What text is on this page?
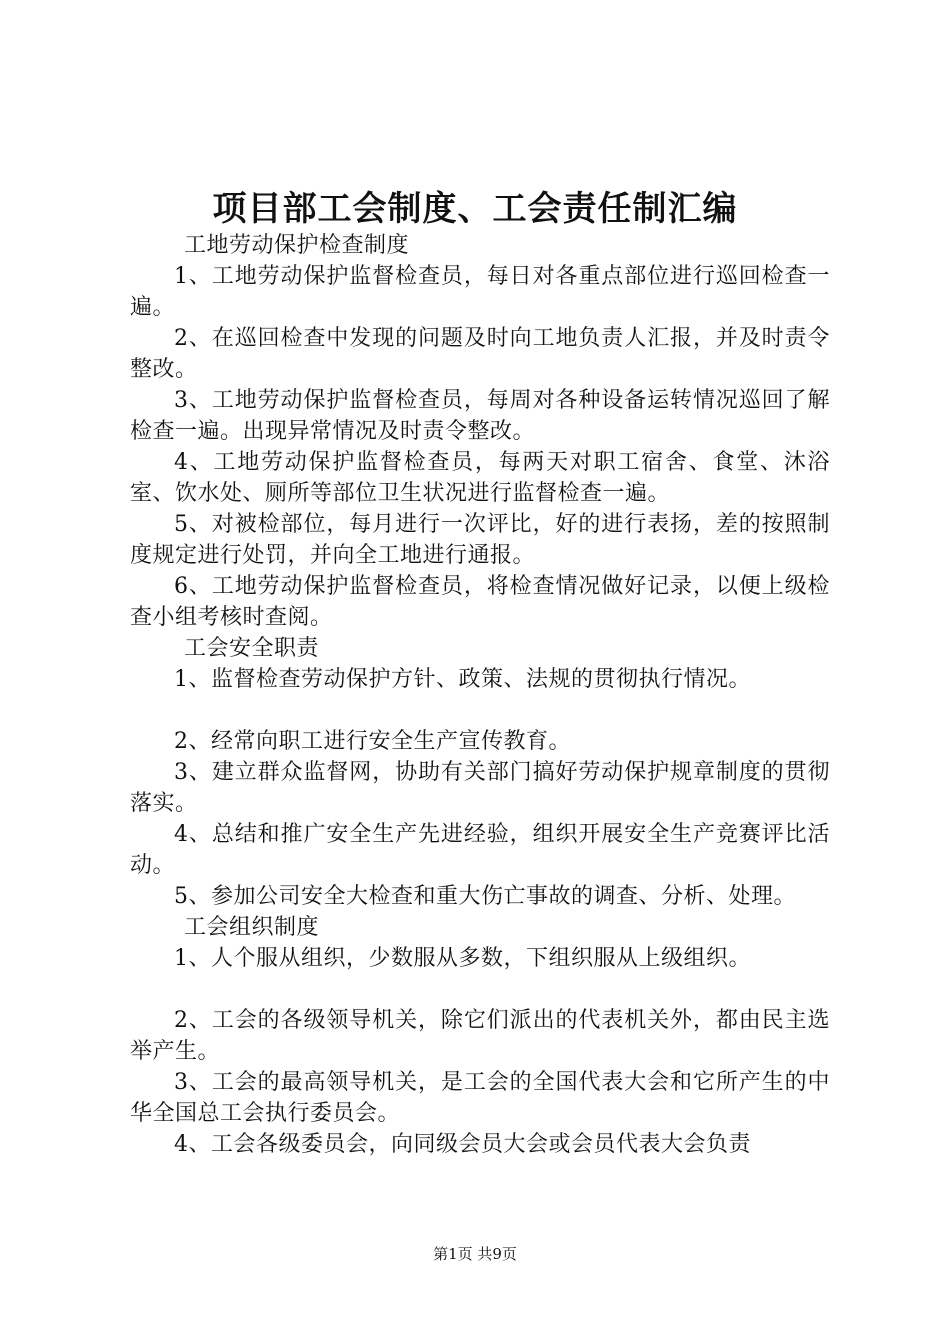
项目部工会制度、工会责任制汇编

工地劳动保护检查制度

1、工地劳动保护监督检查员，每日对各重点部位进行巡回检查一遍。

2、在巡回检查中发现的问题及时向工地负责人汇报，并及时责令整改。

3、工地劳动保护监督检查员，每周对各种设备运转情况巡回了解检查一遍。出现异常情况及时责令整改。

4、工地劳动保护监督检查员，每两天对职工宿舍、食堂、沐浴室、饮水处、厕所等部位卫生状况进行监督检查一遍。

5、对被检部位，每月进行一次评比，好的进行表扬，差的按照制度规定进行处罚，并向全工地进行通报。

6、工地劳动保护监督检查员，将检查情况做好记录，以便上级检查小组考核时查阅。

工会安全职责

1、监督检查劳动保护方针、政策、法规的贯彻执行情况。

2、经常向职工进行安全生产宣传教育。

3、建立群众监督网，协助有关部门搞好劳动保护规章制度的贯彻落实。

4、总结和推广安全生产先进经验，组织开展安全生产竞赛评比活动。

5、参加公司安全大检查和重大伤亡事故的调查、分析、处理。

工会组织制度

1、人个服从组织，少数服从多数，下组织服从上级组织。

2、工会的各级领导机关，除它们派出的代表机关外，都由民主选举产生。

3、工会的最高领导机关，是工会的全国代表大会和它所产生的中华全国总工会执行委员会。

4、工会各级委员会，向同级会员大会或会员代表大会负责

第1页 共9页
